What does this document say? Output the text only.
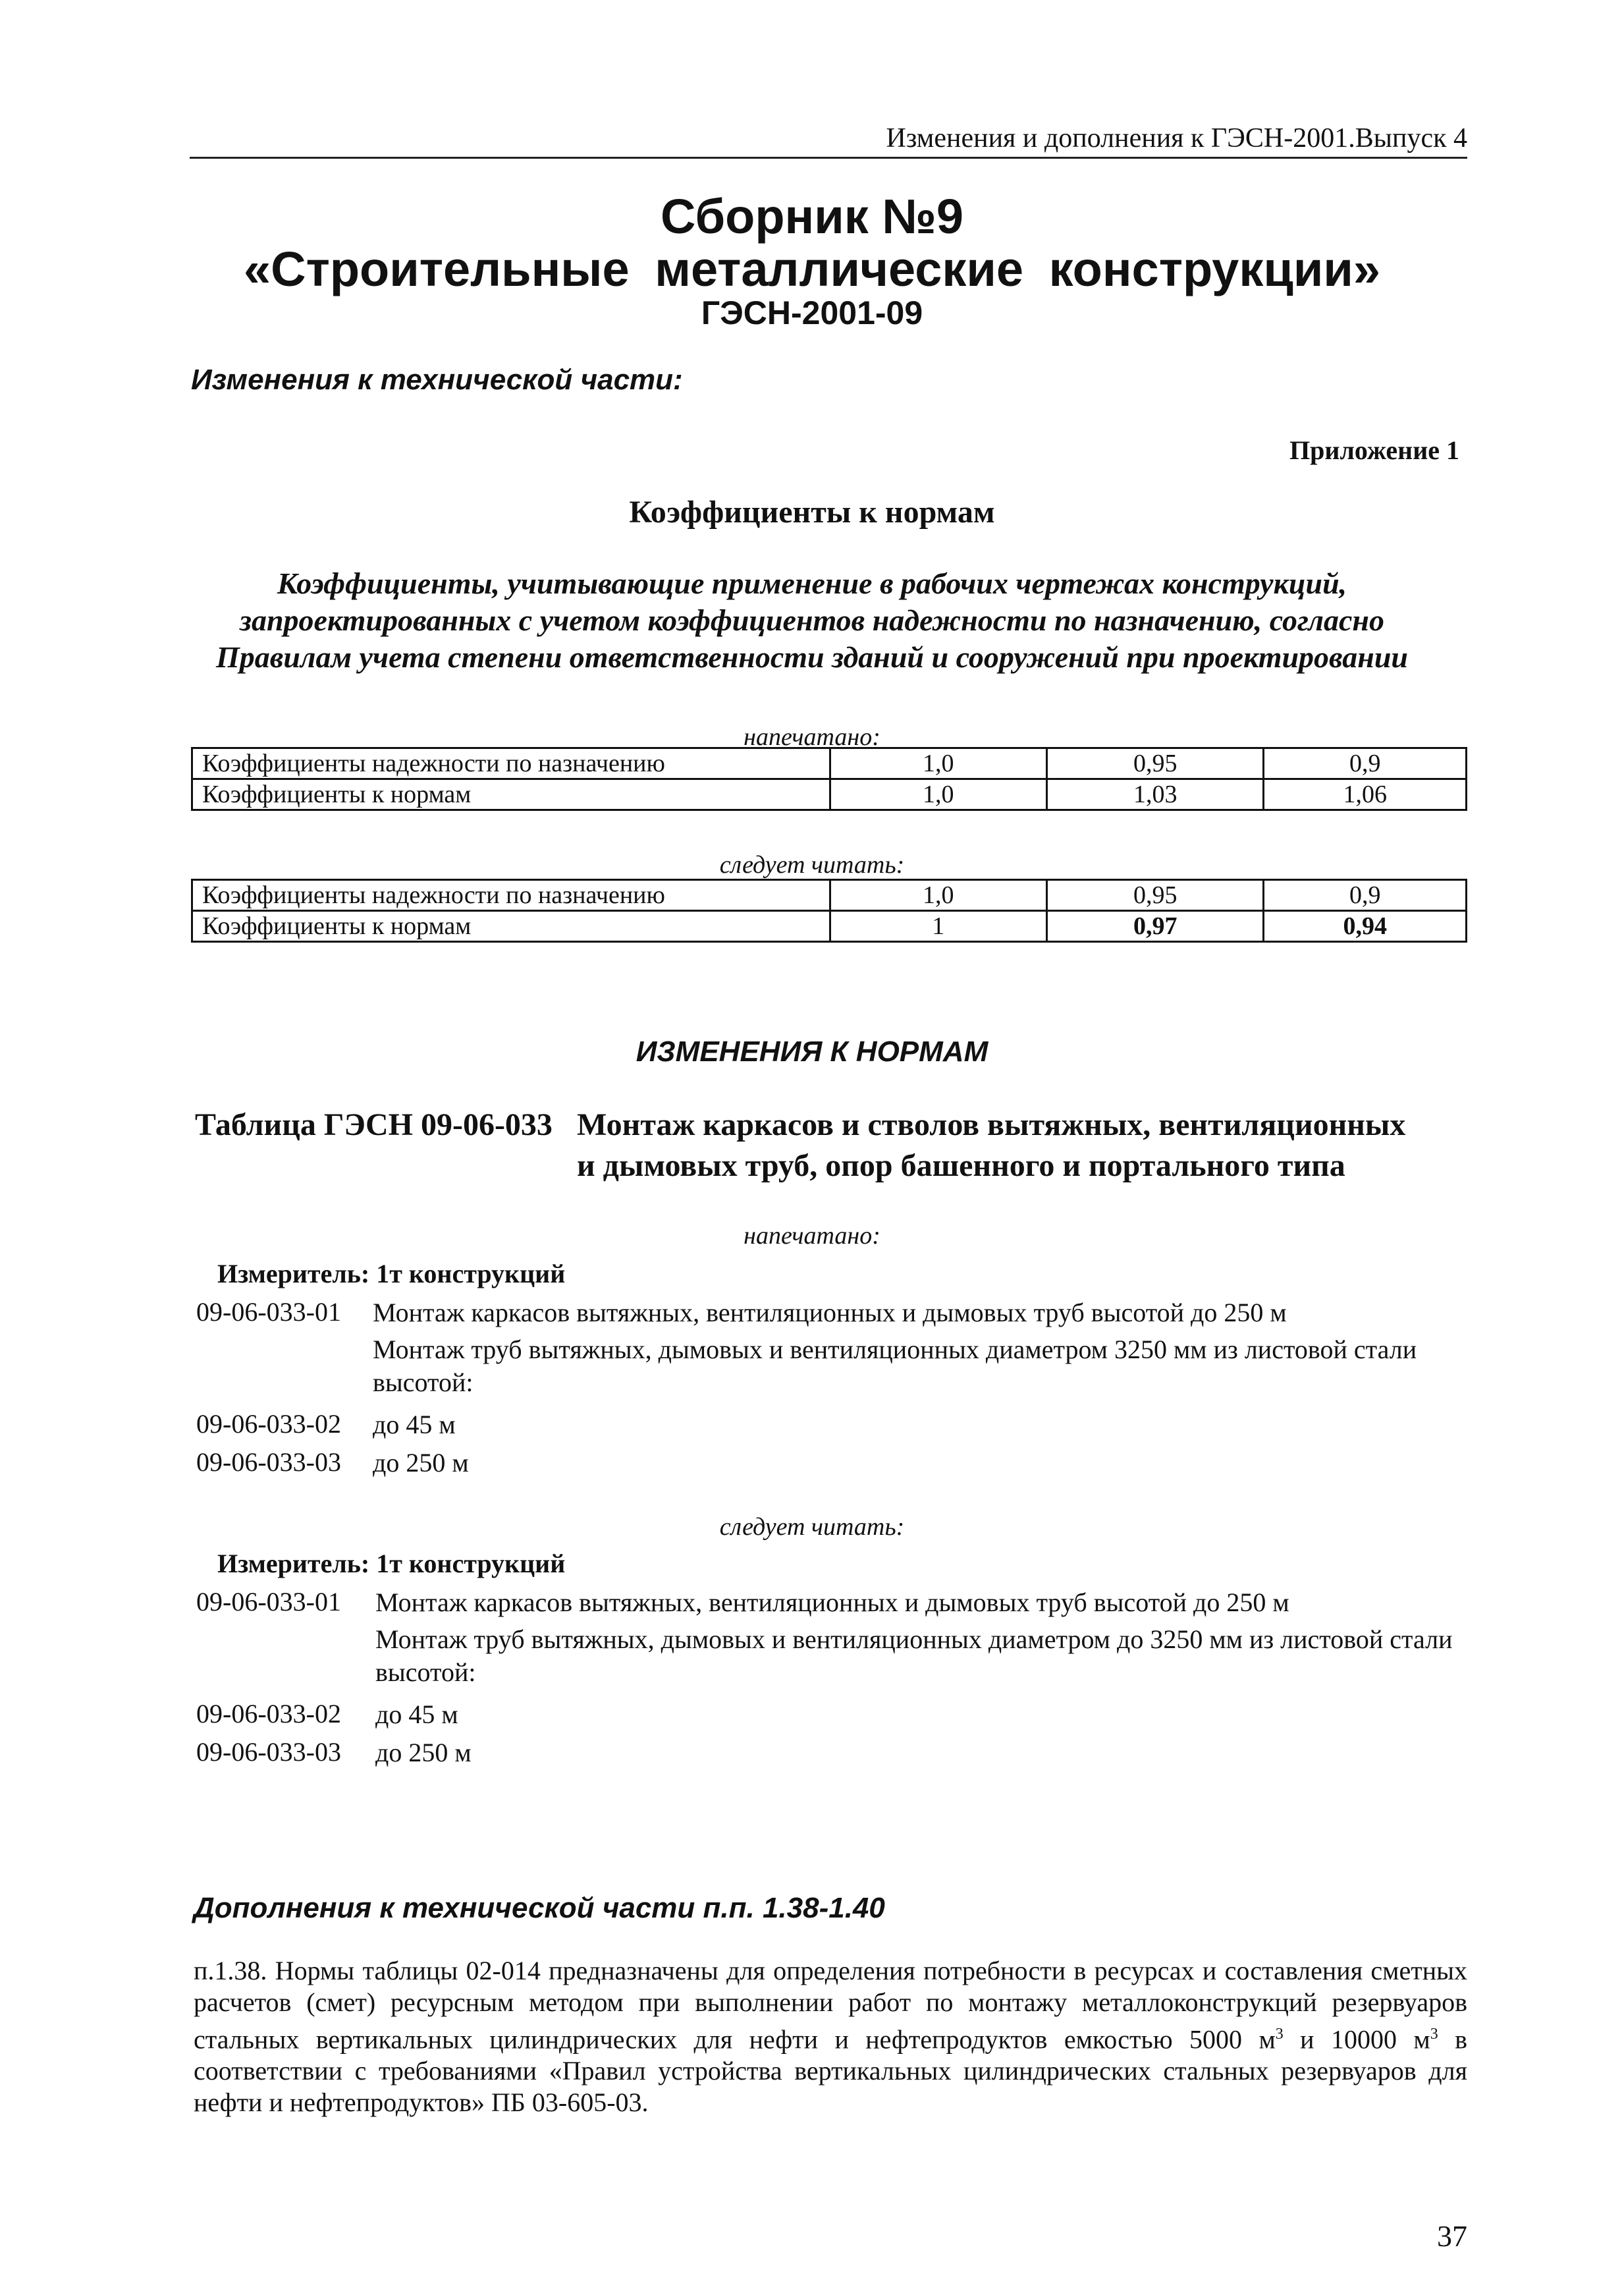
Изменения и дополнения к ГЭСН-2001.Выпуск 4
Сборник №9
«Строительные металлические конструкции»
ГЭСН-2001-09
Изменения к технической части:
Приложение 1
Коэффициенты к нормам
Коэффициенты, учитывающие применение в рабочих чертежах конструкций, запроектированных с учетом коэффициентов надежности по назначению, согласно Правилам учета степени ответственности зданий и сооружений при проектировании
напечатано:
Коэффициенты надежности по назначению	1,0	0,95	0,9
Коэффициенты к нормам	1,0	1,03	1,06
следует читать:
Коэффициенты надежности по назначению	1,0	0,95	0,9
Коэффициенты к нормам	1	0,97	0,94
ИЗМЕНЕНИЯ К НОРМАМ
Таблица ГЭСН 09-06-033 Монтаж каркасов и стволов вытяжных, вентиляционных
и дымовых труб, опор башенного и портального типа
напечатано:
Измеритель: 1т конструкций
09-06-033-01 Монтаж каркасов вытяжных, вентиляционных и дымовых труб высотой до 250 м
Монтаж труб вытяжных, дымовых и вентиляционных диаметром 3250 мм из листовой стали высотой:
09-06-033-02 до 45 м
09-06-033-03 до 250 м
следует читать:
Измеритель: 1т конструкций
09-06-033-01 Монтаж каркасов вытяжных, вентиляционных и дымовых труб высотой до 250 м
Монтаж труб вытяжных, дымовых и вентиляционных диаметром до 3250 мм из листовой стали высотой:
09-06-033-02 до 45 м
09-06-033-03 до 250 м
Дополнения к технической части п.п. 1.38-1.40
п.1.38. Нормы таблицы 02-014 предназначены для определения потребности в ресурсах и составления сметных расчетов (смет) ресурсным методом при выполнении работ по монтажу металлоконструкций резервуаров стальных вертикальных цилиндрических для нефти и нефтепродуктов емкостью 5000 $м^3$ и 10000 $м^3$ в соответствии с требованиями «Правил устройства вертикальных цилиндрических стальных резервуаров для нефти и нефтепродуктов» ПБ 03-605-03.
37
